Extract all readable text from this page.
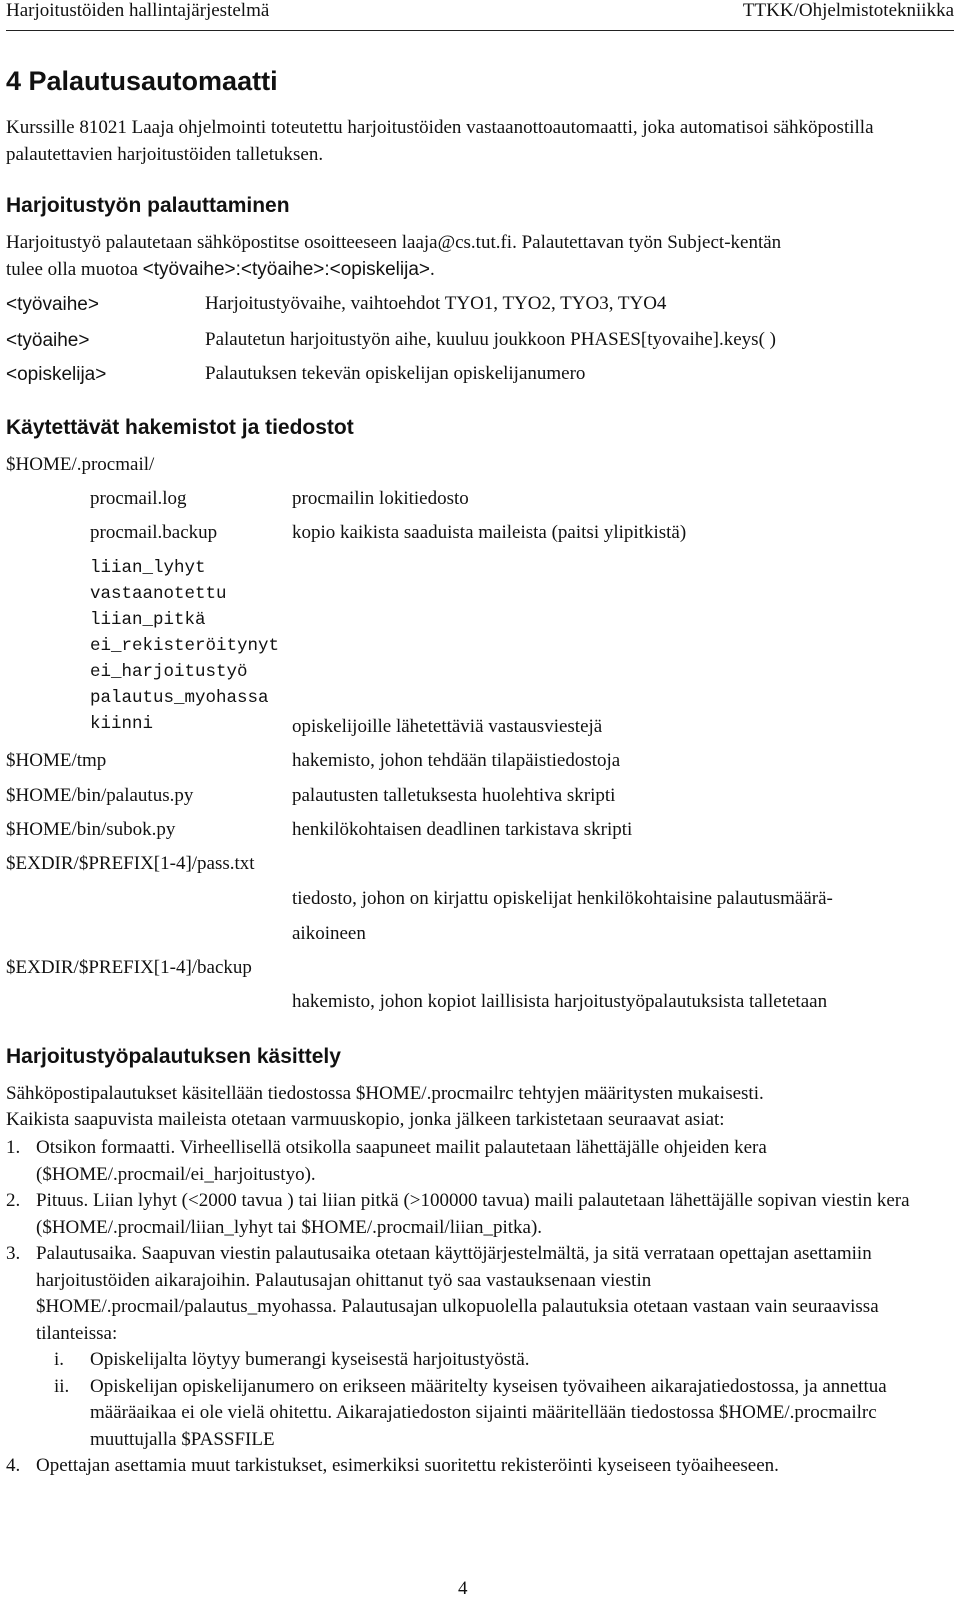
Harjoitustöiden hallintajärjestelmä	TTKK/Ohjelmistotekniikka
4 Palautusautomaatti
Kurssille 81021 Laaja ohjelmointi toteutettu harjoitustöiden vastaanottoautomaatti, joka automatisoi sähköpostilla palautettavien harjoitustöiden talletuksen.
Harjoitustyön palauttaminen
Harjoitustyö palautetaan sähköpostitse osoitteeseen laaja@cs.tut.fi. Palautettavan työn Subject-kentän
tulee olla muotoa <työvaihe>:<työaihe>:<opiskelija>.
<työvaihe>	Harjoitustyövaihe, vaihtoehdot TYO1, TYO2, TYO3, TYO4
<työaihe>	Palautetun harjoitustyön aihe, kuuluu joukkoon PHASES[tyovaihe].keys( )
<opiskelija>	Palautuksen tekevän opiskelijan opiskelijanumero
Käytettävät hakemistot ja tiedostot
$HOME/.procmail/
procmail.log	procmailin lokitiedosto
procmail.backup	kopio kaikista saaduista maileista (paitsi ylipitkistä)
liian_lyhyt
vastaanotettu
liian_pitkä
ei_rekisteröitynyt
ei_harjoitustyö
palautus_myohassa
kiinni	opiskelijoille lähetettäviä vastausviestejä
$HOME/tmp	hakemisto, johon tehdään tilapäistiedostoja
$HOME/bin/palautus.py	palautusten talletuksesta huolehtiva skripti
$HOME/bin/subok.py	henkilökohtaisen deadlinen tarkistava skripti
$EXDIR/$PREFIX[1-4]/pass.txt
tiedosto, johon on kirjattu opiskelijat henkilökohtaisine palautusmäärä-
aikoineen
$EXDIR/$PREFIX[1-4]/backup
hakemisto, johon kopiot laillisista harjoitustyöpalautuksista talletetaan
Harjoitustyöpalautuksen käsittely
Sähköpostipalautukset käsitellään tiedostossa $HOME/.procmailrc tehtyjen määritysten mukaisesti.
Kaikista saapuvista maileista otetaan varmuuskopio, jonka jälkeen tarkistetaan seuraavat asiat:
1. Otsikon formaatti. Virheellisellä otsikolla saapuneet mailit palautetaan lähettäjälle ohjeiden kera ($HOME/.procmail/ei_harjoitustyo).
2. Pituus. Liian lyhyt (<2000 tavua ) tai liian pitkä (>100000 tavua) maili palautetaan lähettäjälle sopivan viestin kera ($HOME/.procmail/liian_lyhyt tai $HOME/.procmail/liian_pitka).
3. Palautusaika. Saapuvan viestin palautusaika otetaan käyttöjärjestelmältä, ja sitä verrataan opettajan asettamiin harjoitustöiden aikarajoihin. Palautusajan ohittanut työ saa vastauksenaan viestin $HOME/.procmail/palautus_myohassa. Palautusajan ulkopuolella palautuksia otetaan vastaan vain seuraavissa tilanteissa:
i. Opiskelijalta löytyy bumerangi kyseisestä harjoitustyöstä.
ii. Opiskelijan opiskelijanumero on erikseen määritelty kyseisen työvaiheen aikarajatiedostossa, ja annettua määräaikaa ei ole vielä ohitettu. Aikarajatiedoston sijainti määritellään tiedostossa $HOME/.procmailrc muuttujalla $PASSFILE
4. Opettajan asettamia muut tarkistukset, esimerkiksi suoritettu rekisteröinti kyseiseen työaiheeseen.
4
